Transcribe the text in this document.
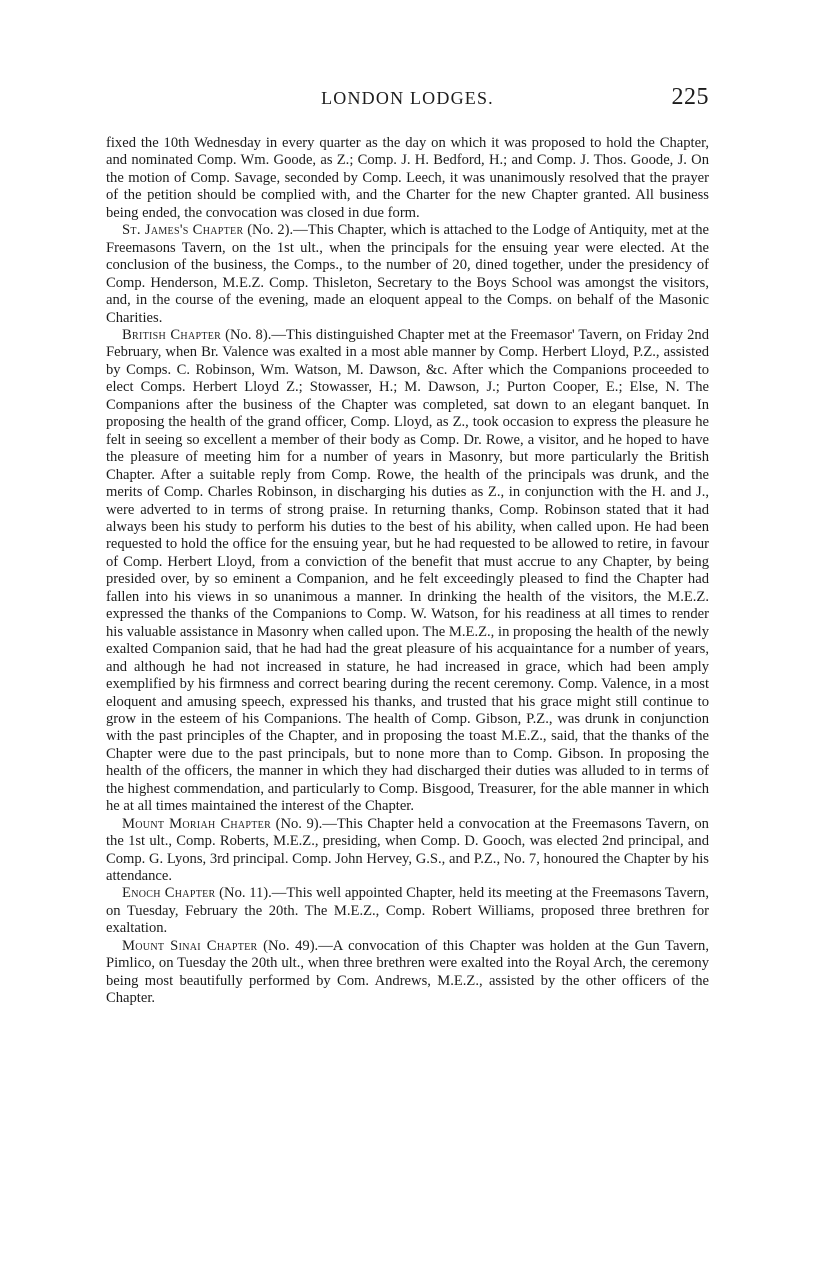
LONDON LODGES.	225

fixed the 10th Wednesday in every quarter as the day on which it was proposed to hold the Chapter, and nominated Comp. Wm. Goode, as Z.; Comp. J. H. Bedford, H.; and Comp. J. Thos. Goode, J. On the motion of Comp. Savage, seconded by Comp. Leech, it was unanimously resolved that the prayer of the petition should be complied with, and the Charter for the new Chapter granted. All business being ended, the convocation was closed in due form.

St. James's Chapter (No. 2).—This Chapter, which is attached to the Lodge of Antiquity, met at the Freemasons Tavern, on the 1st ult., when the principals for the ensuing year were elected. At the conclusion of the business, the Comps., to the number of 20, dined together, under the presidency of Comp. Henderson, M.E.Z. Comp. Thisleton, Secretary to the Boys School was amongst the visitors, and, in the course of the evening, made an eloquent appeal to the Comps. on behalf of the Masonic Charities.

British Chapter (No. 8).—This distinguished Chapter met at the Freemasor' Tavern, on Friday 2nd February, when Br. Valence was exalted in a most able manner by Comp. Herbert Lloyd, P.Z., assisted by Comps. C. Robinson, Wm. Watson, M. Dawson, &c. After which the Companions proceeded to elect Comps. Herbert Lloyd Z.; Stowasser, H.; M. Dawson, J.; Purton Cooper, E.; Else, N. The Companions after the business of the Chapter was completed, sat down to an elegant banquet. In proposing the health of the grand officer, Comp. Lloyd, as Z., took occasion to express the pleasure he felt in seeing so excellent a member of their body as Comp. Dr. Rowe, a visitor, and he hoped to have the pleasure of meeting him for a number of years in Masonry, but more particularly the British Chapter. After a suitable reply from Comp. Rowe, the health of the principals was drunk, and the merits of Comp. Charles Robinson, in discharging his duties as Z., in conjunction with the H. and J., were adverted to in terms of strong praise. In returning thanks, Comp. Robinson stated that it had always been his study to perform his duties to the best of his ability, when called upon. He had been requested to hold the office for the ensuing year, but he had requested to be allowed to retire, in favour of Comp. Herbert Lloyd, from a conviction of the benefit that must accrue to any Chapter, by being presided over, by so eminent a Companion, and he felt exceedingly pleased to find the Chapter had fallen into his views in so unanimous a manner. In drinking the health of the visitors, the M.E.Z. expressed the thanks of the Companions to Comp. W. Watson, for his readiness at all times to render his valuable assistance in Masonry when called upon. The M.E.Z., in proposing the health of the newly exalted Companion said, that he had had the great pleasure of his acquaintance for a number of years, and although he had not increased in stature, he had increased in grace, which had been amply exemplified by his firmness and correct bearing during the recent ceremony. Comp. Valence, in a most eloquent and amusing speech, expressed his thanks, and trusted that his grace might still continue to grow in the esteem of his Companions. The health of Comp. Gibson, P.Z., was drunk in conjunction with the past principles of the Chapter, and in proposing the toast M.E.Z., said, that the thanks of the Chapter were due to the past principals, but to none more than to Comp. Gibson. In proposing the health of the officers, the manner in which they had discharged their duties was alluded to in terms of the highest commendation, and particularly to Comp. Bisgood, Treasurer, for the able manner in which he at all times maintained the interest of the Chapter.

Mount Moriah Chapter (No. 9).—This Chapter held a convocation at the Freemasons Tavern, on the 1st ult., Comp. Roberts, M.E.Z., presiding, when Comp. D. Gooch, was elected 2nd principal, and Comp. G. Lyons, 3rd principal. Comp. John Hervey, G.S., and P.Z., No. 7, honoured the Chapter by his attendance.

Enoch Chapter (No. 11).—This well appointed Chapter, held its meeting at the Freemasons Tavern, on Tuesday, February the 20th. The M.E.Z., Comp. Robert Williams, proposed three brethren for exaltation.

Mount Sinai Chapter (No. 49).—A convocation of this Chapter was holden at the Gun Tavern, Pimlico, on Tuesday the 20th ult., when three brethren were exalted into the Royal Arch, the ceremony being most beautifully performed by Com. Andrews, M.E.Z., assisted by the other officers of the Chapter.
